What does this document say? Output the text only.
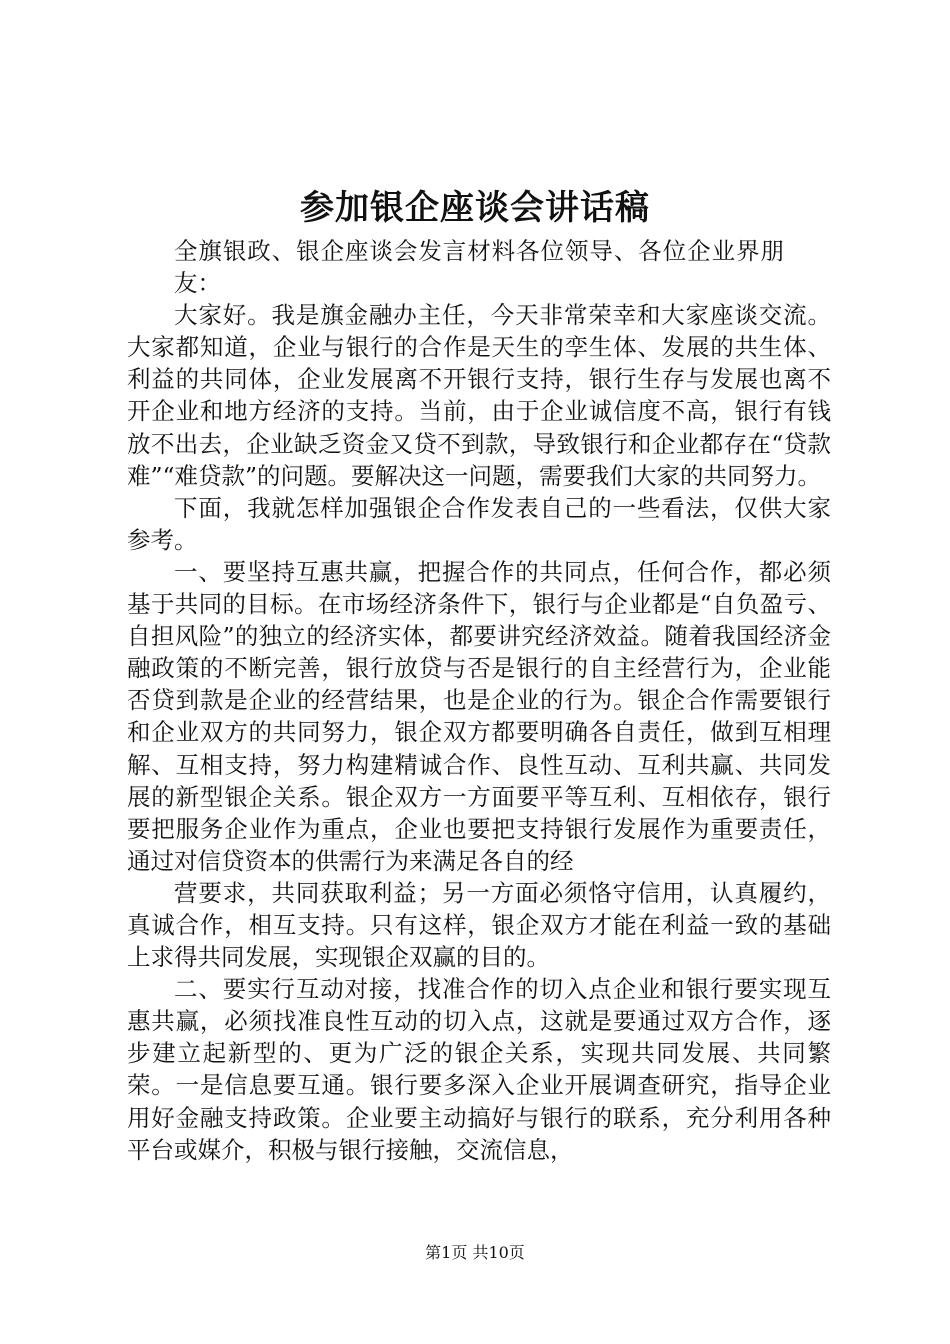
参加银企座谈会讲话稿

全旗银政、银企座谈会发言材料各位领导、各位企业界朋友：

大家好。我是旗金融办主任，今天非常荣幸和大家座谈交流。大家都知道，企业与银行的合作是天生的孪生体、发展的共生体、利益的共同体，企业发展离不开银行支持，银行生存与发展也离不开企业和地方经济的支持。当前，由于企业诚信度不高，银行有钱放不出去，企业缺乏资金又贷不到款，导致银行和企业都存在“贷款难”“难贷款”的问题。要解决这一问题，需要我们大家的共同努力。

下面，我就怎样加强银企合作发表自己的一些看法，仅供大家参考。

一、要坚持互惠共赢，把握合作的共同点，任何合作，都必须基于共同的目标。在市场经济条件下，银行与企业都是“自负盈亏、自担风险”的独立的经济实体，都要讲究经济效益。随着我国经济金融政策的不断完善，银行放贷与否是银行的自主经营行为，企业能否贷到款是企业的经营结果，也是企业的行为。银企合作需要银行和企业双方的共同努力，银企双方都要明确各自责任，做到互相理解、互相支持，努力构建精诚合作、良性互动、互利共赢、共同发展的新型银企关系。银企双方一方面要平等互利、互相依存，银行要把服务企业作为重点，企业也要把支持银行发展作为重要责任，通过对信贷资本的供需行为来满足各自的经

营要求，共同获取利益；另一方面必须恪守信用，认真履约，真诚合作，相互支持。只有这样，银企双方才能在利益一致的基础上求得共同发展，实现银企双赢的目的。

二、要实行互动对接，找准合作的切入点企业和银行要实现互惠共赢，必须找准良性互动的切入点，这就是要通过双方合作，逐步建立起新型的、更为广泛的银企关系，实现共同发展、共同繁荣。一是信息要互通。银行要多深入企业开展调查研究，指导企业用好金融支持政策。企业要主动搞好与银行的联系，充分利用各种平台或媒介，积极与银行接触，交流信息，

第1页 共10页
